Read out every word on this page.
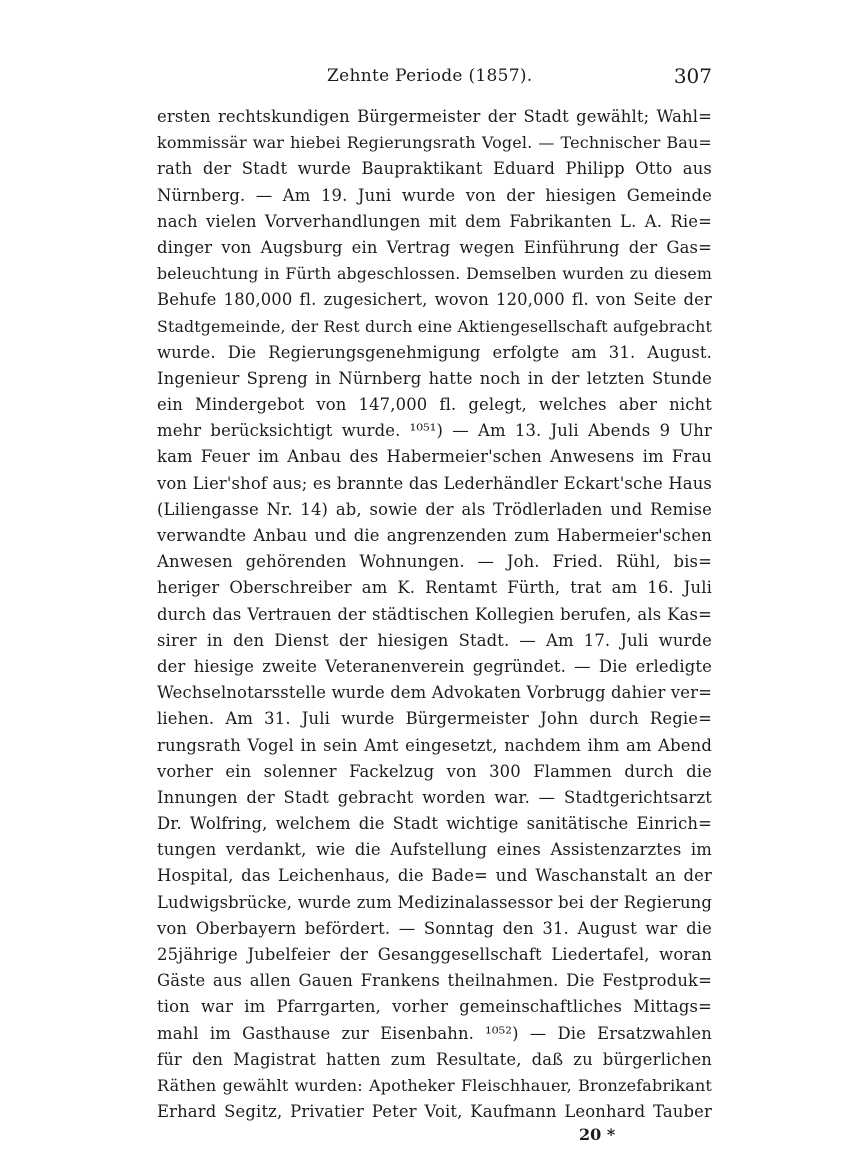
Zehnte Periode (1857).	307
ersten rechtskundigen Bürgermeister der Stadt gewählt; Wahl=
kommissär war hiebei Regierungsrath Vogel. — Technischer Bau=
rath der Stadt wurde Baupraktikant Eduard Philipp Otto aus
Nürnberg. — Am 19. Juni wurde von der hiesigen Gemeinde
nach vielen Vorverhandlungen mit dem Fabrikanten L. A. Rie=
dinger von Augsburg ein Vertrag wegen Einführung der Gas=
beleuchtung in Fürth abgeschlossen. Demselben wurden zu diesem
Behufe 180,000 fl. zugesichert, wovon 120,000 fl. von Seite der
Stadtgemeinde, der Rest durch eine Aktiengesellschaft aufgebracht
wurde. Die Regierungsgenehmigung erfolgte am 31. August.
Ingenieur Spreng in Nürnberg hatte noch in der letzten Stunde
ein Mindergebot von 147,000 fl. gelegt, welches aber nicht
mehr berücksichtigt wurde. ¹⁰⁵¹) — Am 13. Juli Abends 9 Uhr
kam Feuer im Anbau des Habermeier'schen Anwesens im Frau
von Lier'shof aus; es brannte das Lederhändler Eckart'sche Haus
(Liliengasse Nr. 14) ab, sowie der als Trödlerladen und Remise
verwandte Anbau und die angrenzenden zum Habermeier'schen
Anwesen gehörenden Wohnungen. — Joh. Fried. Rühl, bis=
heriger Oberschreiber am K. Rentamt Fürth, trat am 16. Juli
durch das Vertrauen der städtischen Kollegien berufen, als Kas=
sirer in den Dienst der hiesigen Stadt. — Am 17. Juli wurde
der hiesige zweite Veteranenverein gegründet. — Die erledigte
Wechselnotarsstelle wurde dem Advokaten Vorbrugg dahier ver=
liehen. Am 31. Juli wurde Bürgermeister John durch Regie=
rungsrath Vogel in sein Amt eingesetzt, nachdem ihm am Abend
vorher ein solenner Fackelzug von 300 Flammen durch die
Innungen der Stadt gebracht worden war. — Stadtgerichtsarzt
Dr. Wolfring, welchem die Stadt wichtige sanitätische Einrich=
tungen verdankt, wie die Aufstellung eines Assistenzarztes im
Hospital, das Leichenhaus, die Bade= und Waschanstalt an der
Ludwigsbrücke, wurde zum Medizinalassessor bei der Regierung
von Oberbayern befördert. — Sonntag den 31. August war die
25jährige Jubelfeier der Gesanggesellschaft Liedertafel, woran
Gäste aus allen Gauen Frankens theilnahmen. Die Festproduk=
tion war im Pfarrgarten, vorher gemeinschaftliches Mittags=
mahl im Gasthause zur Eisenbahn. ¹⁰⁵²) — Die Ersatzwahlen
für den Magistrat hatten zum Resultate, daß zu bürgerlichen
Räthen gewählt wurden: Apotheker Fleischhauer, Bronzefabrikant
Erhard Segitz, Privatier Peter Voit, Kaufmann Leonhard Tauber
20 *
